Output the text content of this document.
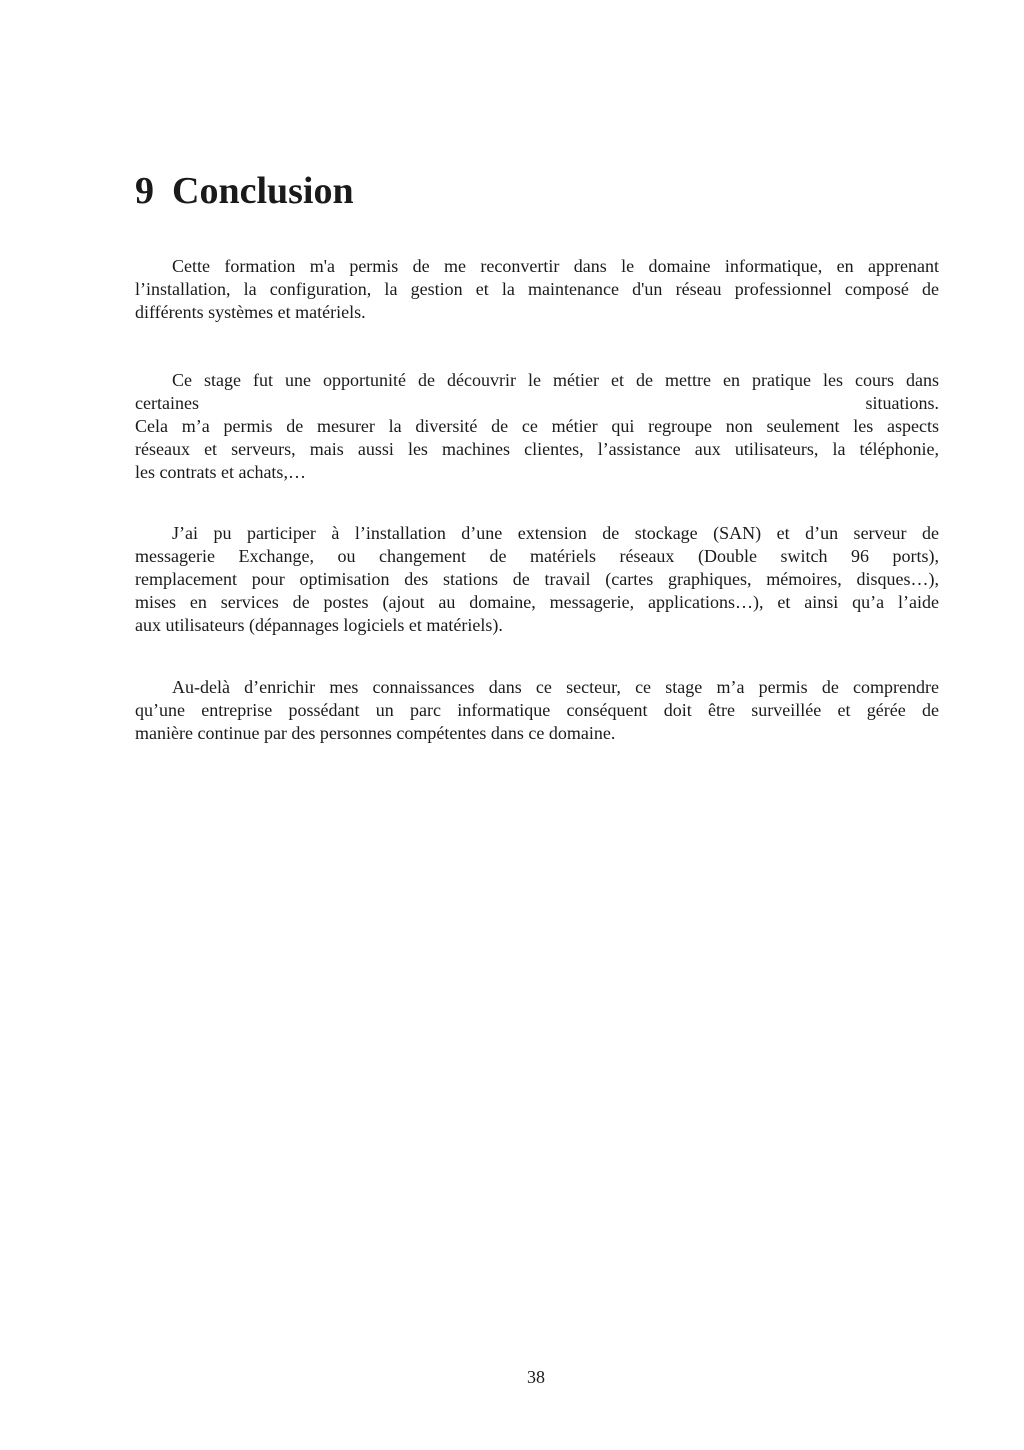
9 Conclusion
Cette formation m'a permis de me reconvertir dans le domaine informatique, en apprenant
l’installation, la configuration, la gestion et la maintenance d'un réseau professionnel composé de
différents systèmes et matériels.
Ce stage fut une opportunité de découvrir le métier et de mettre en pratique les cours dans
certaines situations.
Cela m’a permis de mesurer la diversité de ce métier qui regroupe non seulement les aspects
réseaux et serveurs, mais aussi les machines clientes, l’assistance aux utilisateurs, la téléphonie,
les contrats et achats,…
J’ai pu participer à l’installation d’une extension de stockage (SAN) et d’un serveur de
messagerie Exchange, ou changement de matériels réseaux (Double switch 96 ports),
remplacement pour optimisation des stations de travail (cartes graphiques, mémoires, disques…),
mises en services de postes (ajout au domaine, messagerie, applications…), et ainsi qu’a l’aide
aux utilisateurs (dépannages logiciels et matériels).
Au-delà d’enrichir mes connaissances dans ce secteur, ce stage m’a permis de comprendre
qu’une entreprise possédant un parc informatique conséquent doit être surveillée et gérée de
manière continue par des personnes compétentes dans ce domaine.
38
